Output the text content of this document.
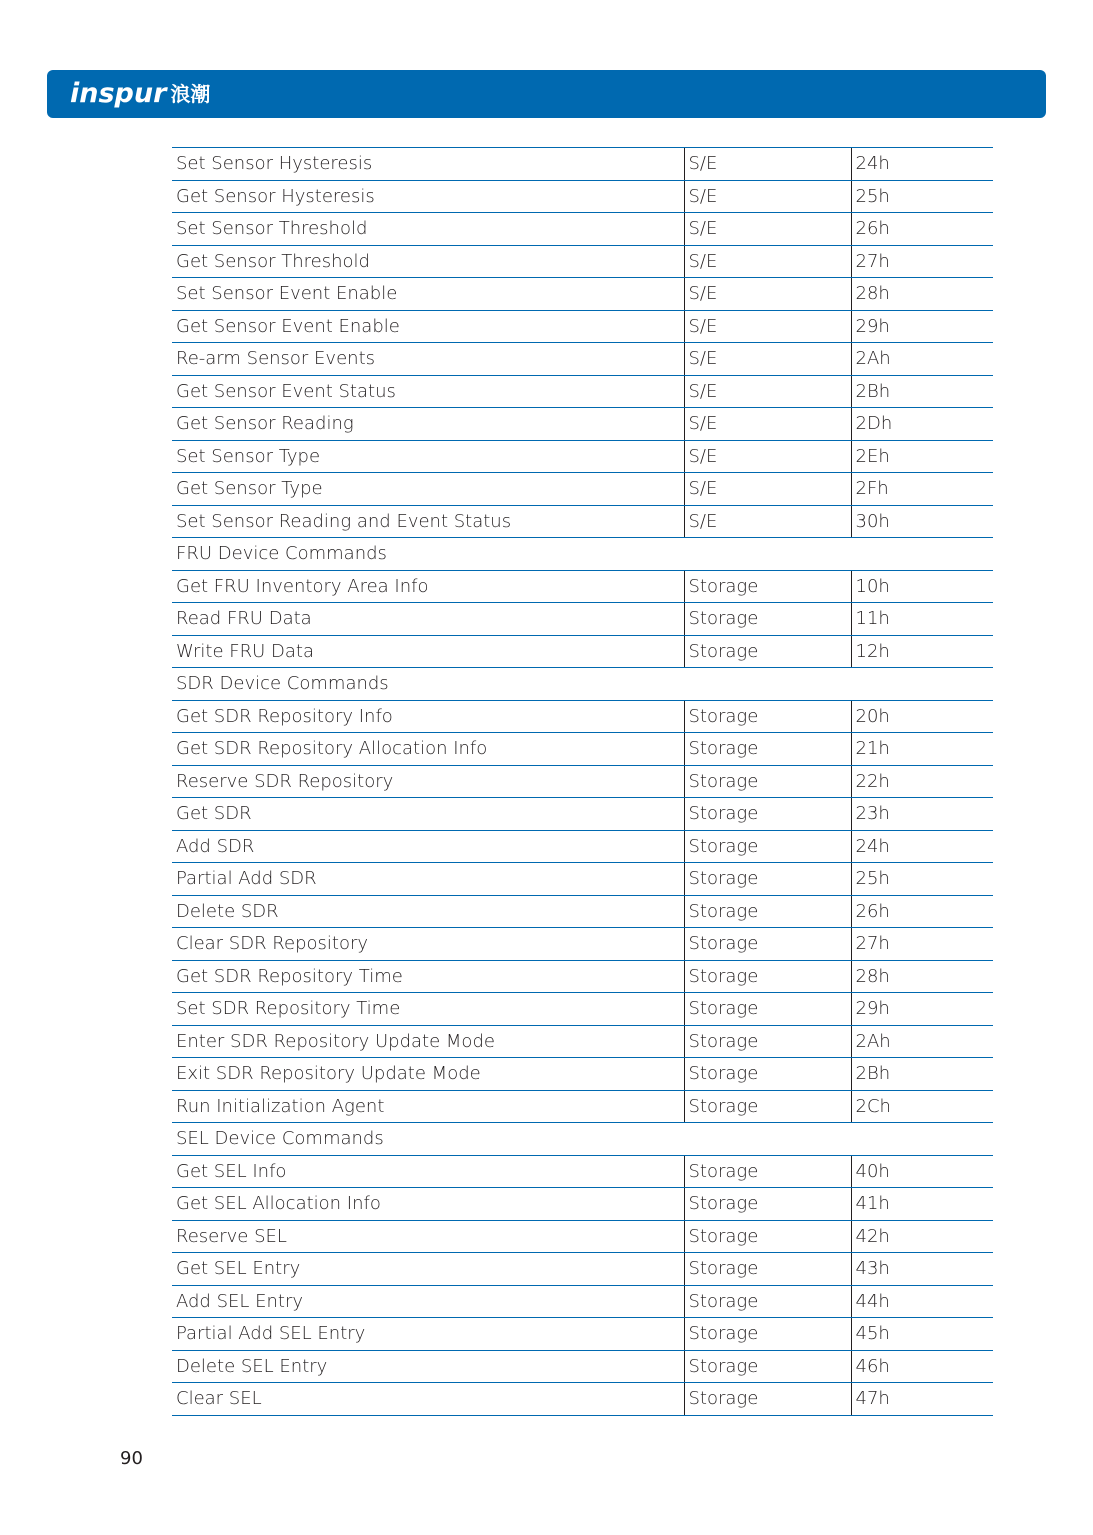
inspur 浪潮
Set Sensor Hysteresis	S/E	24h
Get Sensor Hysteresis	S/E	25h
Set Sensor Threshold	S/E	26h
Get Sensor Threshold	S/E	27h
Set Sensor Event Enable	S/E	28h
Get Sensor Event Enable	S/E	29h
Re-arm Sensor Events	S/E	2Ah
Get Sensor Event Status	S/E	2Bh
Get Sensor Reading	S/E	2Dh
Set Sensor Type	S/E	2Eh
Get Sensor Type	S/E	2Fh
Set Sensor Reading and Event Status	S/E	30h
FRU Device Commands		
Get FRU Inventory Area Info	Storage	10h
Read FRU Data	Storage	11h
Write FRU Data	Storage	12h
SDR Device Commands		
Get SDR Repository Info	Storage	20h
Get SDR Repository Allocation Info	Storage	21h
Reserve SDR Repository	Storage	22h
Get SDR	Storage	23h
Add SDR	Storage	24h
Partial Add SDR	Storage	25h
Delete SDR	Storage	26h
Clear SDR Repository	Storage	27h
Get SDR Repository Time	Storage	28h
Set SDR Repository Time	Storage	29h
Enter SDR Repository Update Mode	Storage	2Ah
Exit SDR Repository Update Mode	Storage	2Bh
Run Initialization Agent	Storage	2Ch
SEL Device Commands		
Get SEL Info	Storage	40h
Get SEL Allocation Info	Storage	41h
Reserve SEL	Storage	42h
Get SEL Entry	Storage	43h
Add SEL Entry	Storage	44h
Partial Add SEL Entry	Storage	45h
Delete SEL Entry	Storage	46h
Clear SEL	Storage	47h
90
